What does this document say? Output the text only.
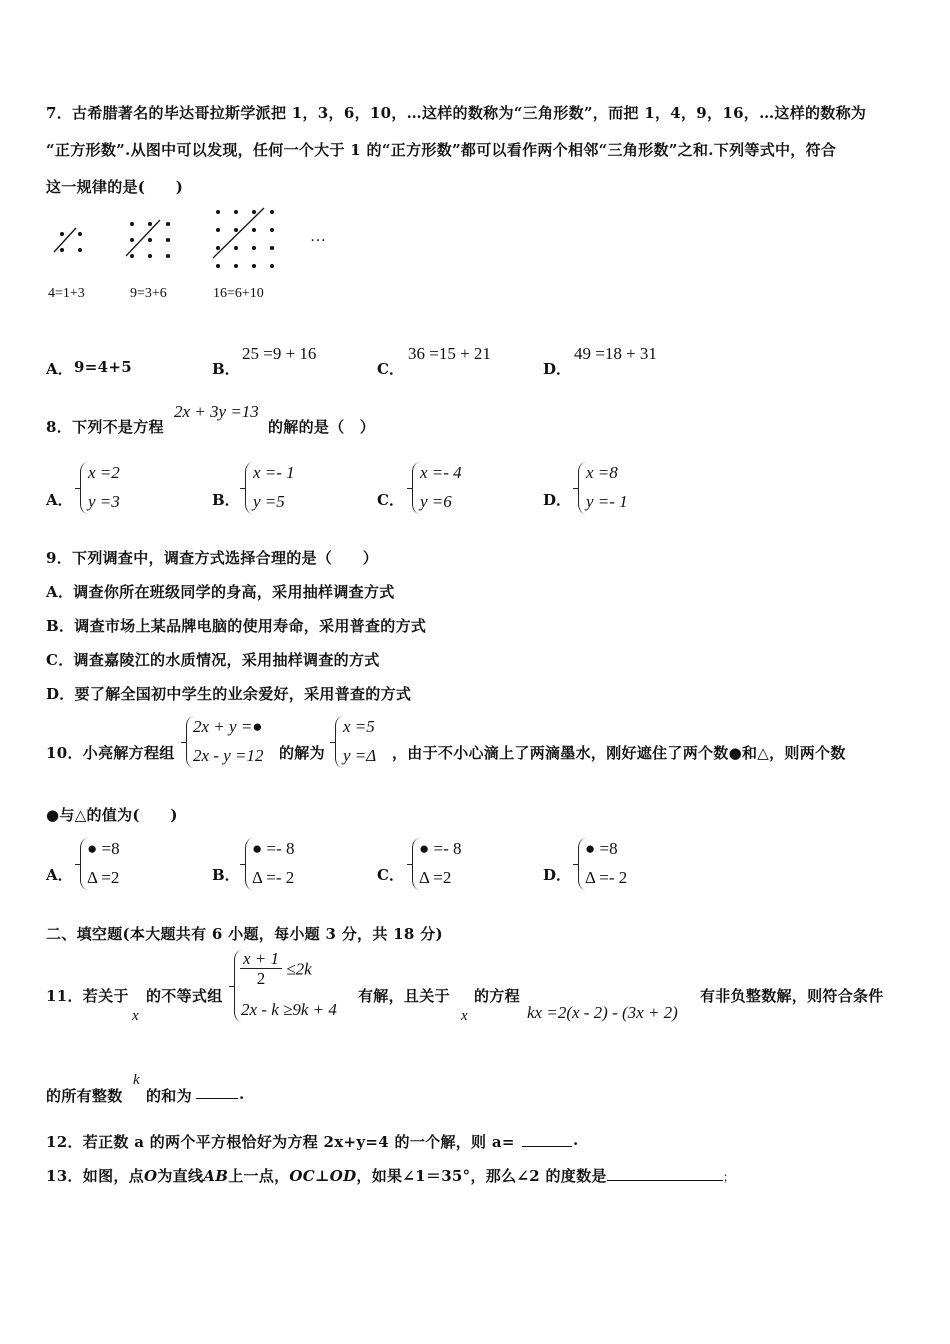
7．古希腊著名的毕达哥拉斯学派把 1，3，6，10，…这样的数称为“三角形数”，而把 1，4，9，16，…这样的数称为
“正方形数”.从图中可以发现，任何一个大于 1 的“正方形数”都可以看作两个相邻“三角形数”之和.下列等式中，符合
这一规律的是(　　)
…
4=1+3	9=3+6	16=6+10
A． 9=4+5	B．
25 =9 + 16
C．
36 =15 + 21
D．
49 =18 + 31
8．下列不是方程
2x + 3y =13
的解的是（　）
A．
x =2
y =3	B．
x =- 1
y =5	C．
x =- 4
y =6	D．
x =8
y =- 1
9．下列调查中，调查方式选择合理的是（　　）
A．调查你所在班级同学的身高，采用抽样调查方式
B．调查市场上某品牌电脑的使用寿命，采用普查的方式
C．调查嘉陵江的水质情况，采用抽样调查的方式
D．要了解全国初中学生的业余爱好，采用普查的方式
10．小亮解方程组
2x + y =●
2x - y =12 的解为
x =5
y =Δ ，由于不小心滴上了两滴墨水，刚好遮住了两个数●和△，则两个数
●与△的值为(　　)
A．
● =8
Δ =2	B．
● =- 8
Δ =- 2	C．
● =- 8
Δ =2	D．
● =8
Δ =- 2
二、填空题(本大题共有 6 小题，每小题 3 分，共 18 分)
11．若关于
x
的不等式组
$\frac{x + 1}{2} \le 2k$
2x - k ≥9k + 4
有解，且关于
x
的方程
kx =2(x - 2) - (3x + 2)
有非负整数解，则符合条件
的所有整数
k
的和为	.
12．若正数 a 的两个平方根恰好为方程 2x+y=4 的一个解，则 a=	.
13．如图，点O为直线AB上一点，OC⊥OD，如果∠1＝35°，那么∠2 的度数是	；
